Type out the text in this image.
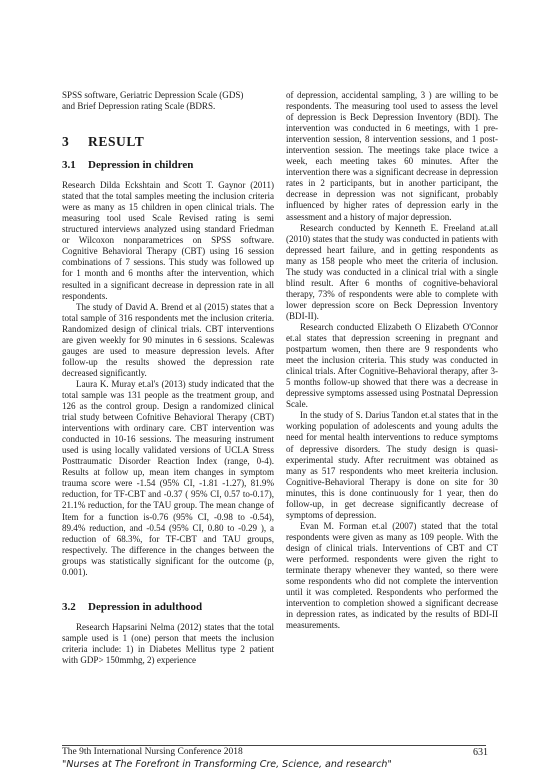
SPSS software, Geriatric Depression Scale (GDS)
and Brief Depression rating Scale (BDRS.

3 RESULT
3.1 Depression in children

Research Dilda Eckshtain and Scott T. Gaynor (2011) stated that the total samples meeting the inclusion criteria were as many as 15 children in open clinical trials. The measuring tool used Scale Revised rating is semi structured interviews analyzed using standard Friedman or Wilcoxon nonparametrices on SPSS software. Cognitive Behavioral Therapy (CBT) using 16 session combinations of 7 sessions. This study was followed up for 1 month and 6 months after the intervention, which resulted in a significant decrease in depression rate in all respondents.

The study of David A. Brend et al (2015) states that a total sample of 316 respondents met the inclusion criteria. Randomized design of clinical trials. CBT interventions are given weekly for 90 minutes in 6 sessions. Scalewas gauges are used to measure depression levels. After follow-up the results showed the depression rate decreased significantly.

Laura K. Muray et.al's (2013) study indicated that the total sample was 131 people as the treatment group, and 126 as the control group. Design a randomized clinical trial study between Cofnitive Behavioral Therapy (CBT) interventions with ordinary care. CBT intervention was conducted in 10-16 sessions. The measuring instrument used is using locally validated versions of UCLA Stress Posttraumatic Disorder Reaction Index (range, 0-4). Results at follow up, mean item changes in symptom trauma score were -1.54 (95% CI, -1.81 -1.27), 81.9% reduction, for TF-CBT and -0.37 ( 95% CI, 0.57 to-0.17), 21.1% reduction, for the TAU group. The mean change of Item for a function is-0.76 (95% CI, -0.98 to -0.54), 89.4% reduction, and -0.54 (95% CI, 0.80 to -0.29 ), a reduction of 68.3%, for TF-CBT and TAU groups, respectively. The difference in the changes between the groups was statistically significant for the outcome (p, 0.001).

3.2 Depression in adulthood

Research Hapsarini Nelma (2012) states that the total sample used is 1 (one) person that meets the inclusion criteria include: 1) in Diabetes Mellitus type 2 patient with GDP> 150mmhg, 2) experience

of depression, accidental sampling, 3 ) are willing to be respondents. The measuring tool used to assess the level of depression is Beck Depression Inventory (BDI). The intervention was conducted in 6 meetings, with 1 pre-intervention session, 8 intervention sessions, and 1 post-intervention session. The meetings take place twice a week, each meeting takes 60 minutes. After the intervention there was a significant decrease in depression rates in 2 participants, but in another participant, the decrease in depression was not significant, probably influenced by higher rates of depression early in the assessment and a history of major depression.

Research conducted by Kenneth E. Freeland at.all (2010) states that the study was conducted in patients with depressed heart failure, and in getting respondents as many as 158 people who meet the criteria of inclusion. The study was conducted in a clinical trial with a single blind result. After 6 months of cognitive-behavioral therapy, 73% of respondents were able to complete with lower depression score on Beck Depression Inventory (BDI-II).

Research conducted Elizabeth O Elizabeth O'Connor et.al states that depression screening in pregnant and postpartum women, then there are 9 respondents who meet the inclusion criteria. This study was conducted in clinical trials. After Cognitive-Behavioral therapy, after 3-5 months follow-up showed that there was a decrease in depressive symptoms assessed using Postnatal Depression Scale.

In the study of S. Darius Tandon et.al states that in the working population of adolescents and young adults the need for mental health interventions to reduce symptoms of depressive disorders. The study design is quasi-experimental study. After recruitment was obtained as many as 517 respondents who meet kreiteria inclusion. Cognitive-Behavioral Therapy is done on site for 30 minutes, this is done continuously for 1 year, then do follow-up, in get decrease significantly decrease of symptoms of depression.

Evan M. Forman et.al (2007) stated that the total respondents were given as many as 109 people. With the design of clinical trials. Interventions of CBT and CT were performed. respondents were given the right to terminate therapy whenever they wanted, so there were some respondents who did not complete the intervention until it was completed. Respondents who performed the intervention to completion showed a significant decrease in depression rates, as indicated by the results of BDI-II measurements.

The 9th International Nursing Conference 2018	631
"Nurses at The Forefront in Transforming Cre, Science, and research"
